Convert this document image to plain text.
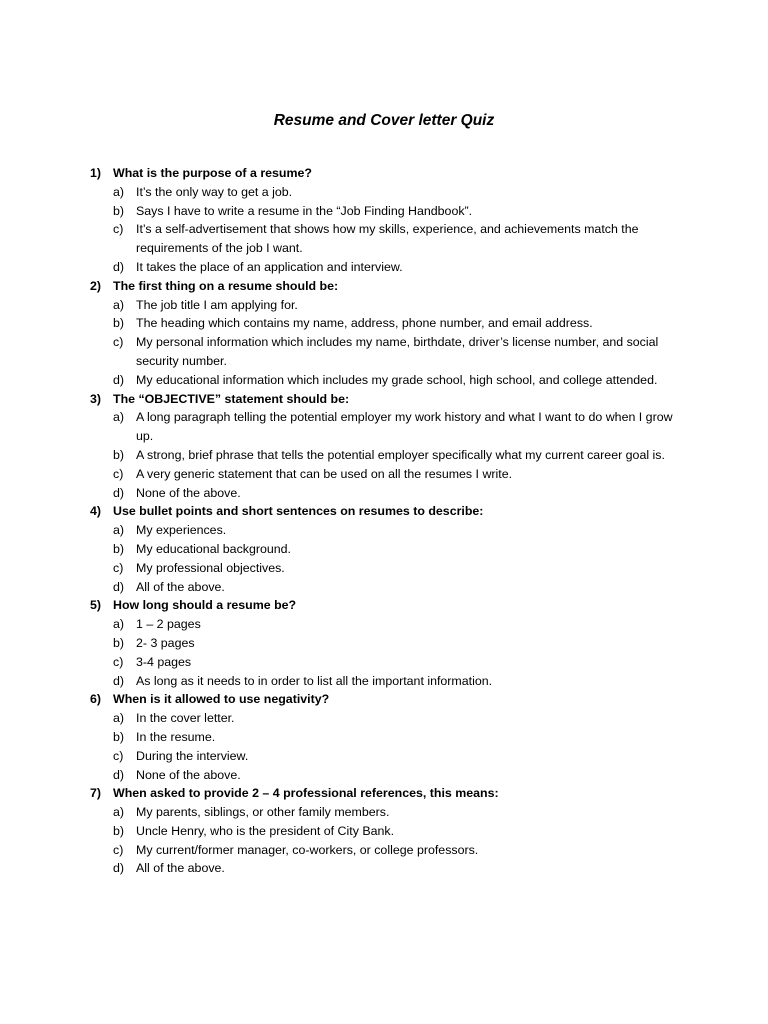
Resume and Cover letter Quiz
1) What is the purpose of a resume?
a) It’s the only way to get a job.
b) Says I have to write a resume in the “Job Finding Handbook”.
c) It’s a self-advertisement that shows how my skills, experience, and achievements match the requirements of the job I want.
d) It takes the place of an application and interview.
2) The first thing on a resume should be:
a) The job title I am applying for.
b) The heading which contains my name, address, phone number, and email address.
c) My personal information which includes my name, birthdate, driver’s license number, and social security number.
d) My educational information which includes my grade school, high school, and college attended.
3) The “OBJECTIVE” statement should be:
a) A long paragraph telling the potential employer my work history and what I want to do when I grow up.
b) A strong, brief phrase that tells the potential employer specifically what my current career goal is.
c) A very generic statement that can be used on all the resumes I write.
d) None of the above.
4) Use bullet points and short sentences on resumes to describe:
a) My experiences.
b) My educational background.
c) My professional objectives.
d) All of the above.
5) How long should a resume be?
a) 1 – 2 pages
b) 2- 3 pages
c) 3-4 pages
d) As long as it needs to in order to list all the important information.
6) When is it allowed to use negativity?
a) In the cover letter.
b) In the resume.
c) During the interview.
d) None of the above.
7) When asked to provide 2 – 4 professional references, this means:
a) My parents, siblings, or other family members.
b) Uncle Henry, who is the president of City Bank.
c) My current/former manager, co-workers, or college professors.
d) All of the above.
